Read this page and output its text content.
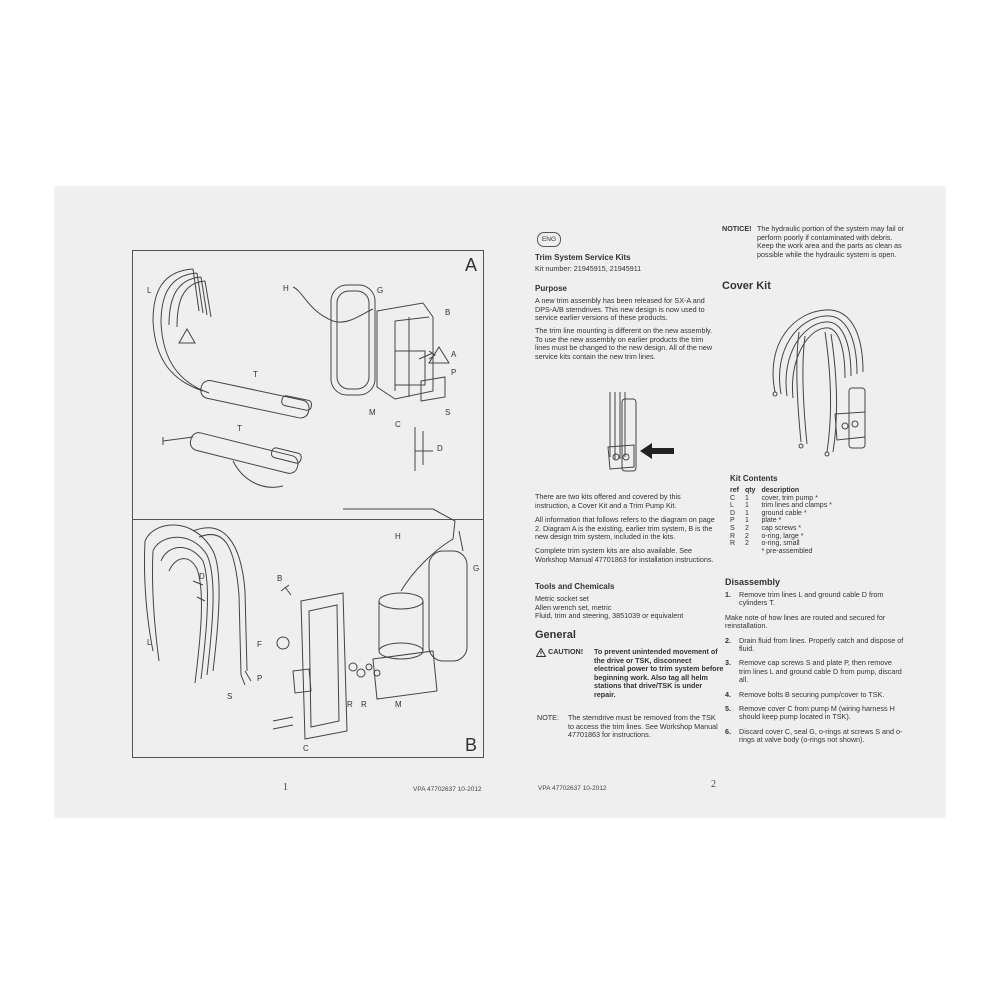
A
B
L	H	G
B
A
P
S
D
M
C
T
T
H
G
D	B
F
L
P
S
R R	M
C
1	VPA 47702637 10-2012
ENG
Trim System Service Kits
Kit number: 21945915, 21945911
Purpose
A new trim assembly has been released for SX-A and DPS-A/B sterndrives. This new design is now used to service earlier versions of these products.
The trim line mounting is different on the new assembly. To use the new assembly on earlier products the trim lines must be changed to the new design. All of the new service kits contain the new trim lines.
There are two kits offered and covered by this instruction, a Cover Kit and a Trim Pump Kit.
All information that follows refers to the diagram on page 2. Diagram A is the existing, earlier trim system, B is the new design trim system, included in the kits.
Complete trim system kits are also available. See Workshop Manual 47701863 for installation instructions.
Tools and Chemicals
Metric socket set
Allen wrench set, metric
Fluid, trim and steering, 3851039 or equivalent
General
CAUTION! To prevent unintended movement of the drive or TSK, disconnect electrical power to trim system before beginning work. Also tag all helm stations that drive/TSK is under repair.
NOTE: The sterndrive must be removed from the TSK to access the trim lines. See Workshop Manual 47701863 for instructions.
NOTICE! The hydraulic portion of the system may fail or perform poorly if contaminated with debris. Keep the work area and the parts as clean as possible while the hydraulic system is open.
Cover Kit
Kit Contents
ref	qty	description
C	1	cover, trim pump *
L	1	trim lines and clamps *
D	1	ground cable *
P	1	plate *
S	2	cap screws *
R	2	o-ring, large *
R	2	o-ring, small
		* pre-assembled
Disassembly
1. Remove trim lines L and ground cable D from cylinders T.
Make note of how lines are routed and secured for reinstallation.
2. Drain fluid from lines. Properly catch and dispose of fluid.
3. Remove cap screws S and plate P, then remove trim lines L and ground cable D from pump, discard all.
4. Remove bolts B securing pump/cover to TSK.
5. Remove cover C from pump M (wiring harness H should keep pump located in TSK).
6. Discard cover C, seal G, o-rings at screws S and o-rings at valve body (o-rings not shown).
2
VPA 47702637 10-2012
